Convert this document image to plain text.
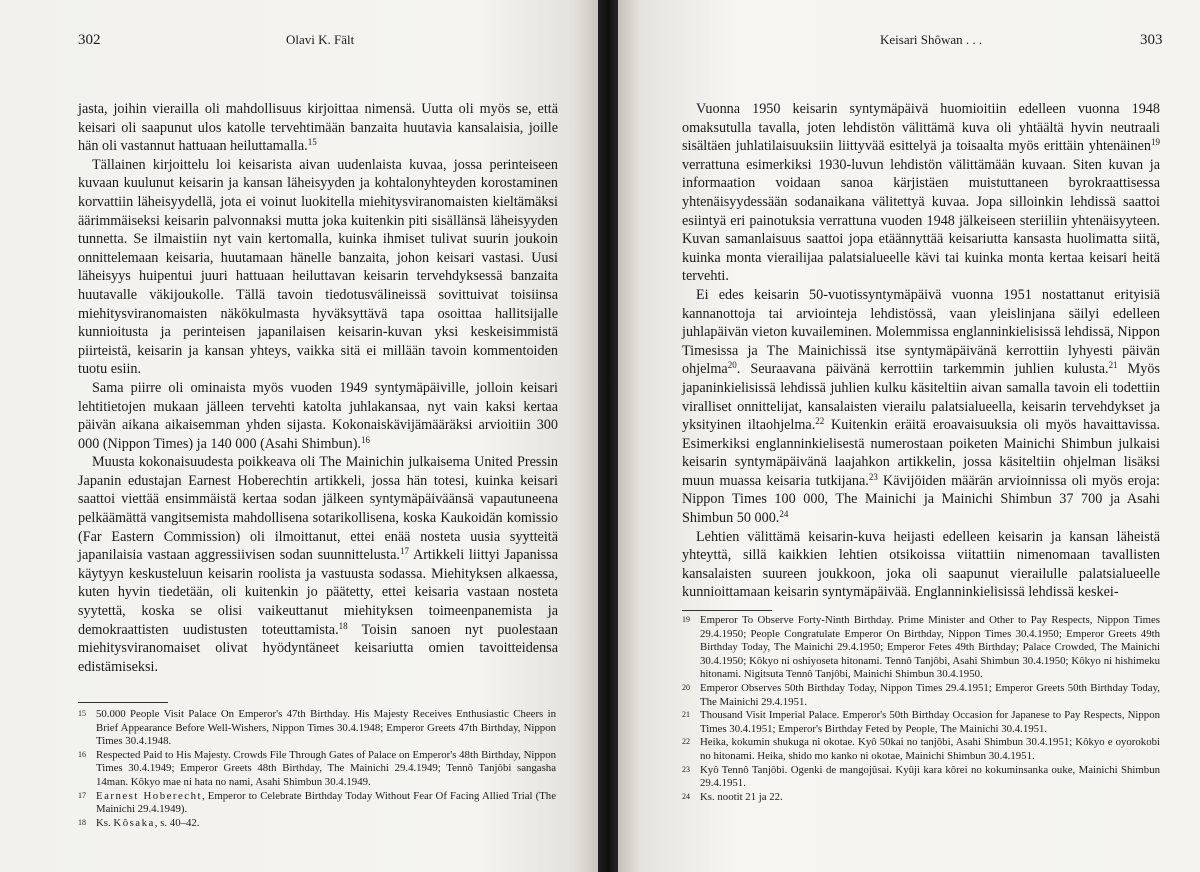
302	Olavi K. Fält

jasta, joihin vierailla oli mahdollisuus kirjoittaa nimensä. Uutta oli myös se, että keisari oli saapunut ulos katolle tervehtimään banzaita huutavia kansalaisia, joille hän oli vastannut hattuaan heiluttamalla.$^{15}$

Tällainen kirjoittelu loi keisarista aivan uudenlaista kuvaa, jossa perinteiseen kuvaan kuulunut keisarin ja kansan läheisyyden ja kohtalonyhteyden korostaminen korvattiin läheisyydellä, jota ei voinut luokitella miehitysviranomaisten kieltämäksi äärimmäiseksi keisarin palvonnaksi mutta joka kuitenkin piti sisällänsä läheisyyden tunnetta. Se ilmaistiin nyt vain kertomalla, kuinka ihmiset tulivat suurin joukoin onnittelemaan keisaria, huutamaan hänelle banzaita, johon keisari vastasi. Uusi läheisyys huipentui juuri hattuaan heiluttavan keisarin tervehdyksessä banzaita huutavalle väkijoukolle. Tällä tavoin tiedotusvälineissä sovittuivat toisiinsa miehitysviranomaisten näkökulmasta hyväksyttävä tapa osoittaa hallitsijalle kunnioitusta ja perinteisen japanilaisen keisarin-kuvan yksi keskeisimmistä piirteistä, keisarin ja kansan yhteys, vaikka sitä ei millään tavoin kommentoiden tuotu esiin.

Sama piirre oli ominaista myös vuoden 1949 syntymäpäiville, jolloin keisari lehtitietojen mukaan jälleen tervehti katolta juhlakansaa, nyt vain kaksi kertaa päivän aikana aikaisemman yhden sijasta. Kokonaiskävijämääräksi arvioitiin 300 000 (Nippon Times) ja 140 000 (Asahi Shimbun).$^{16}$

Muusta kokonaisuudesta poikkeava oli The Mainichin julkaisema United Pressin Japanin edustajan Earnest Hoberechtin artikkeli, jossa hän totesi, kuinka keisari saattoi viettää ensimmäistä kertaa sodan jälkeen syntymäpäiväänsä vapautuneena pelkäämättä vangitsemista mahdollisena sotarikollisena, koska Kaukoidän komissio (Far Eastern Commission) oli ilmoittanut, ettei enää nosteta uusia syytteitä japanilaisia vastaan aggressiivisen sodan suunnittelusta.$^{17}$ Artikkeli liittyi Japanissa käytyyn keskusteluun keisarin roolista ja vastuusta sodassa. Miehityksen alkaessa, kuten hyvin tiedetään, oli kuitenkin jo päätetty, ettei keisaria vastaan nosteta syytettä, koska se olisi vaikeuttanut miehityksen toimeenpanemista ja demokraattisten uudistusten toteuttamista.$^{18}$ Toisin sanoen nyt puolestaan miehitysviranomaiset olivat hyödyntäneet keisariutta omien tavoitteidensa edistämiseksi.

15 50.000 People Visit Palace On Emperor's 47th Birthday. His Majesty Receives Enthusiastic Cheers in Brief Appearance Before Well-Wishers, Nippon Times 30.4.1948; Emperor Greets 47th Birthday, Nippon Times 30.4.1948.

16 Respected Paid to His Majesty. Crowds File Through Gates of Palace on Emperor's 48th Birthday, Nippon Times 30.4.1949; Emperor Greets 48th Birthday, The Mainichi 29.4.1949; Tennô Tanjôbi sangasha 14man. Kôkyo mae ni hata no nami, Asahi Shimbun 30.4.1949.

17 Earnest Hoberecht, Emperor to Celebrate Birthday Today Without Fear Of Facing Allied Trial (The Mainichi 29.4.1949).

18 Ks. Kôsaka, s. 40–42.

Keisari Shôwan . . .	303

Vuonna 1950 keisarin syntymäpäivä huomioitiin edelleen vuonna 1948 omaksutulla tavalla, joten lehdistön välittämä kuva oli yhtäältä hyvin neutraali sisältäen juhlatilaisuuksiin liittyvää esittelyä ja toisaalta myös erittäin yhtenäinen$^{19}$ verrattuna esimerkiksi 1930-luvun lehdistön välittämään kuvaan. Siten kuvan ja informaation voidaan sanoa kärjistäen muistuttaneen byrokraattisessa yhtenäisyydessään sodanaikana välitettyä kuvaa. Jopa silloinkin lehdissä saattoi esiintyä eri painotuksia verrattuna vuoden 1948 jälkeiseen steriiliin yhtenäisyyteen. Kuvan samanlaisuus saattoi jopa etäännyttää keisariutta kansasta huolimatta siitä, kuinka monta vierailijaa palatsialueelle kävi tai kuinka monta kertaa keisari heitä tervehti.

Ei edes keisarin 50-vuotissyntymäpäivä vuonna 1951 nostattanut erityisiä kannanottoja tai arviointeja lehdistössä, vaan yleislinjana säilyi edelleen juhlapäivän vieton kuvaileminen. Molemmissa englanninkielisissä lehdissä, Nippon Timesissa ja The Mainichissä itse syntymäpäivänä kerrottiin lyhyesti päivän ohjelma$^{20}$. Seuraavana päivänä kerrottiin tarkemmin juhlien kulusta.$^{21}$ Myös japaninkielisissä lehdissä juhlien kulku käsiteltiin aivan samalla tavoin eli todettiin viralliset onnittelijat, kansalaisten vierailu palatsialueella, keisarin tervehdykset ja yksityinen iltaohjelma.$^{22}$ Kuitenkin eräitä eroavaisuuksia oli myös havaittavissa. Esimerkiksi englanninkielisestä numerostaan poiketen Mainichi Shimbun julkaisi keisarin syntymäpäivänä laajahkon artikkelin, jossa käsiteltiin ohjelman lisäksi muun muassa keisaria tutkijana.$^{23}$ Kävijöiden määrän arvioinnissa oli myös eroja: Nippon Times 100 000, The Mainichi ja Mainichi Shimbun 37 700 ja Asahi Shimbun 50 000.24

Lehtien välittämä keisarin-kuva heijasti edelleen keisarin ja kansan läheistä yhteyttä, sillä kaikkien lehtien otsikoissa viitattiin nimenomaan tavallisten kansalaisten suureen joukkoon, joka oli saapunut vierailulle palatsialueelle kunnioittamaan keisarin syntymäpäivää. Englanninkielisissä lehdissä keskei-

19 Emperor To Observe Forty-Ninth Birthday. Prime Minister and Other to Pay Respects, Nippon Times 29.4.1950; People Congratulate Emperor On Birthday, Nippon Times 30.4.1950; Emperor Greets 49th Birthday Today, The Mainichi 29.4.1950; Emperor Fetes 49th Birthday; Palace Crowded, The Mainichi 30.4.1950; Kôkyo ni oshiyoseta hitonami. Tennô Tanjôbi, Asahi Shimbun 30.4.1950; Kôkyo ni hishimeku hitonami. Nigitsuta Tennô Tanjôbi, Mainichi Shimbun 30.4.1950.

20 Emperor Observes 50th Birthday Today, Nippon Times 29.4.1951; Emperor Greets 50th Birthday Today, The Mainichi 29.4.1951.

21 Thousand Visit Imperial Palace. Emperor's 50th Birthday Occasion for Japanese to Pay Respects, Nippon Times 30.4.1951; Emperor's Birthday Feted by People, The Mainichi 30.4.1951.

22 Heika, kokumin shukuga ni okotae. Kyô 50kai no tanjôbi, Asahi Shimbun 30.4.1951; Kôkyo e oyorokobi no hitonami. Heika, shido mo kanko ni okotae, Mainichi Shimbun 30.4.1951.

23 Kyô Tennô Tanjôbi. Ogenki de mangojûsai. Kyûji kara kôrei no kokuminsanka ouke, Mainichi Shimbun 29.4.1951.

24 Ks. nootit 21 ja 22.
